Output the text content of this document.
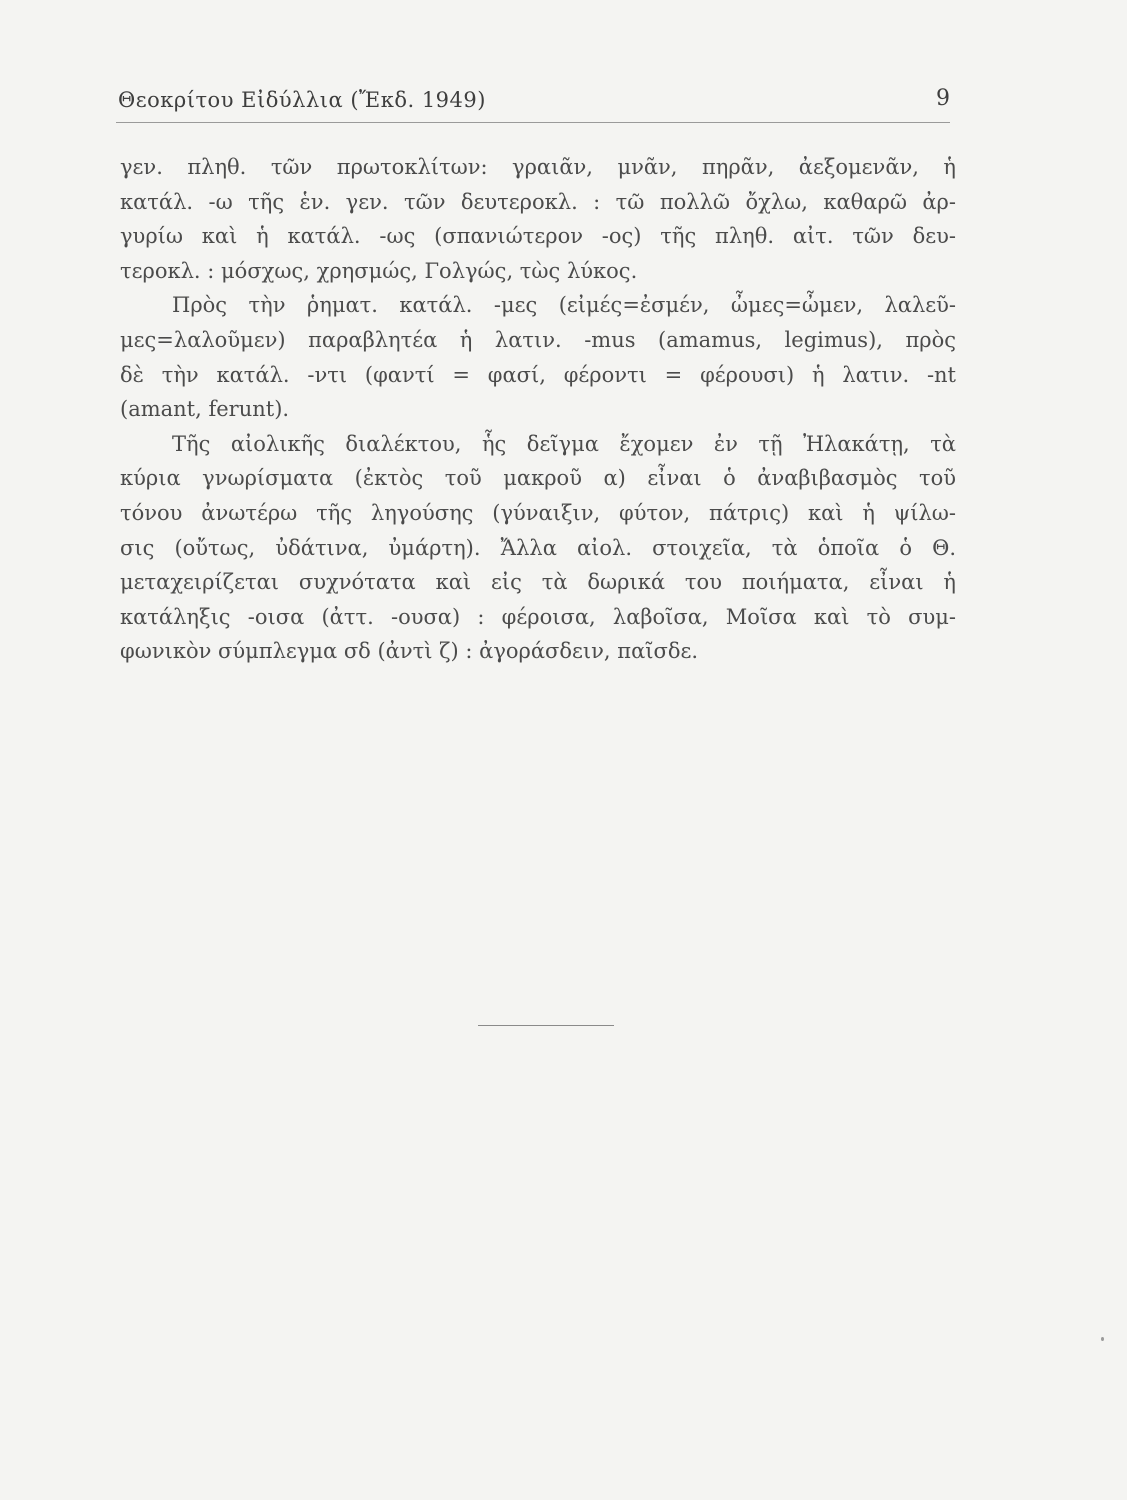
Θεοκρίτου Εἰδύλλια (Ἔκδ. 1949)	9
γεν. πληθ. τῶν πρωτοκλίτων: γραιᾶν, μνᾶν, πηρᾶν, ἀεξομενᾶν, ἡ
κατάλ. -ω τῆς ἑν. γεν. τῶν δευτεροκλ. : τῶ πολλῶ ὄχλω, καθαρῶ ἀρ-
γυρίω καὶ ἡ κατάλ. -ως (σπανιώτερον -ος) τῆς πληθ. αἰτ. τῶν δευ-
τεροκλ. : μόσχως, χρησμώς, Γολγώς, τὼς λύκος.
Πρὸς τὴν ῥηματ. κατάλ. -μες (εἰμές=ἐσμέν, ὦμες=ὦμεν, λαλεῦ-
μες=λαλοῦμεν) παραβλητέα ἡ λατιν. -mus (amamus, legimus), πρὸς
δὲ τὴν κατάλ. -ντι (φαντί = φασί, φέροντι = φέρουσι) ἡ λατιν. -nt
(amant, ferunt).
Τῆς αἰολικῆς διαλέκτου, ἧς δεῖγμα ἔχομεν ἐν τῇ Ἠλακάτῃ, τὰ
κύρια γνωρίσματα (ἐκτὸς τοῦ μακροῦ α) εἶναι ὁ ἀναβιβασμὸς τοῦ
τόνου ἀνωτέρω τῆς ληγούσης (γύναιξιν, φύτον, πάτρις) καὶ ἡ ψίλω-
σις (οὔτως, ὐδάτινα, ὐμάρτη). Ἄλλα αἰολ. στοιχεῖα, τὰ ὁποῖα ὁ Θ.
μεταχειρίζεται συχνότατα καὶ εἰς τὰ δωρικά του ποιήματα, εἶναι ἡ
κατάληξις -οισα (ἀττ. -ουσα) : φέροισα, λαβοῖσα, Μοῖσα καὶ τὸ συμ-
φωνικὸν σύμπλεγμα σδ (ἀντὶ ζ) : ἀγοράσδειν, παῖσδε.
